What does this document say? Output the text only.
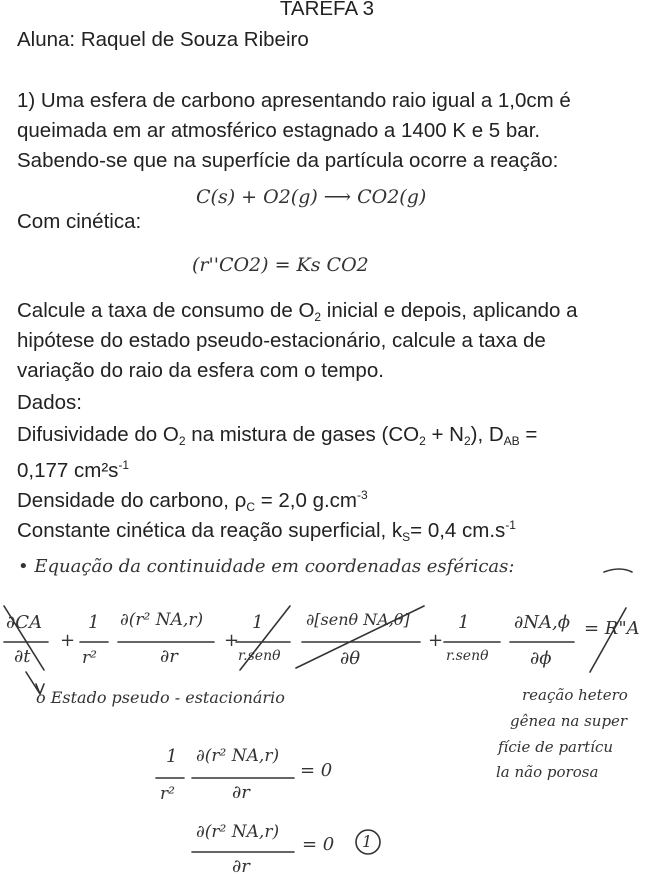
TAREFA 3
Aluna: Raquel de Souza Ribeiro
1) Uma esfera de carbono apresentando raio igual a 1,0cm é
queimada em ar atmosférico estagnado a 1400 K e 5 bar.
Sabendo-se que na superfície da partícula ocorre a reação:
C(s) + O2(g) ⟶ CO2(g)
Com cinética:
(r''CO2) = Ks CO2
Calcule a taxa de consumo de $O_2$ inicial e depois, aplicando a
hipótese do estado pseudo-estacionário, calcule a taxa de
variação do raio da esfera com o tempo.
Dados:
Difusividade do $O_2$ na mistura de gases $(CO_2 + N_2)$, $D_{AB}$ =
0,177 $cm^2s^{-1}$
Densidade do carbono, $\rho_C = 2,0$ $g.cm^{-3}$
Constante cinética da reação superficial, $k_S= 0,4$ $cm.s^{-1}$
• Equação da continuidade em coordenadas esféricas:
∂CA
∂t
+
1
r²
∂(r² NA,r)
∂r
+
1
r.senθ
∂[senθ NA,θ]
∂θ
+
1
r.senθ
∂NA,ϕ
∂ϕ
= R"A
o Estado pseudo - estacionário	reação hetero
gênea na super
fície de partícu
la não porosa
1
r²
∂(r² NA,r)
∂r
= 0
∂(r² NA,r)
∂r
= 0 1
